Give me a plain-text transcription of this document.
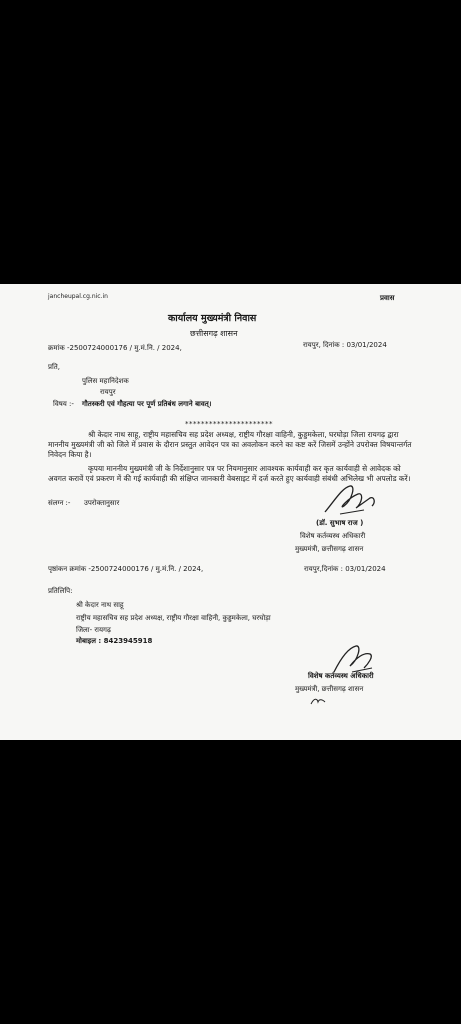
jancheupal.cg.nic.in	प्रवास
कार्यालय मुख्यमंत्री निवास
छत्तीसगढ़ शासन
क्रमांक -2500724000176 / मु.मं.नि. / 2024,	रायपुर, दिनांक : 03/01/2024
प्रति,
पुलिस महानिदेशक
रायपुर
विषय :- गौतस्करी एवं गौहत्या पर पूर्ण प्रतिबंध लगाने बावत्।
**********************
श्री केदार नाथ साहू, राष्ट्रीय महासचिव सह प्रदेश अध्यक्ष, राष्ट्रीय गौरक्षा वाहिनी, कुड्डमकेला, घरघोड़ा जिला रायगढ़ द्वारा माननीय मुख्यमंत्री जी को जिले में प्रवास के दौरान प्रस्तुत आवेदन पत्र का अवलोकन करने का कष्ट करें जिसमें उन्होंने उपरोक्त विषयान्तर्गत निवेदन किया है।
कृपया माननीय मुख्यमंत्री जी के निर्देशानुसार पत्र पर नियमानुसार आवश्यक कार्यवाही कर कृत कार्यवाही से आवेदक को अवगत करावें एवं प्रकरण में की गई कार्यवाही की संक्षिप्त जानकारी वेबसाइट में दर्ज करते हुए कार्यवाही संबंधी अभिलेख भी अपलोड करें।
संलग्न :- उपरोक्तानुसार
(डॉ. सुभाष राज )
विशेष कर्तव्यस्थ अधिकारी
मुख्यमंत्री, छत्तीसगढ़ शासन
पृष्ठांकन क्रमांक -2500724000176 / मु.मं.नि. / 2024,	रायपुर,दिनांक : 03/01/2024
प्रतिलिपि:
श्री केदार नाथ साहू
राष्ट्रीय महासचिव सह प्रदेश अध्यक्ष, राष्ट्रीय गौरक्षा वाहिनी, कुड्डमकेला, घरघोड़ा
जिला- रायगढ़
मोबाइल : 8423945918
विशेष कर्तव्यस्थ अधिकारी
मुख्यमंत्री, छत्तीसगढ़ शासन
